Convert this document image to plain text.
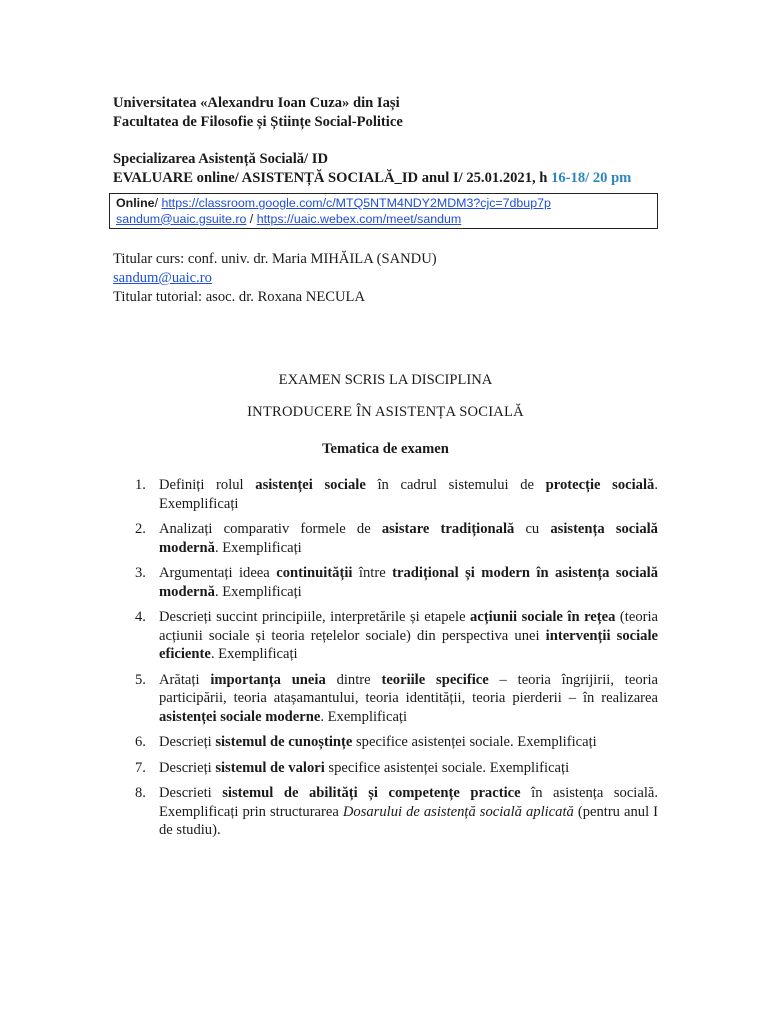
Universitatea «Alexandru Ioan Cuza» din Iași
Facultatea de Filosofie și Științe Social-Politice
Specializarea Asistență Socială/ ID
EVALUARE online/ ASISTENȚĂ SOCIALĂ_ID anul I/ 25.01.2021, h 16-18/ 20 pm
Online/ https://classroom.google.com/c/MTQ5NTM4NDY2MDM3?cjc=7dbup7p
sandum@uaic.gsuite.ro / https://uaic.webex.com/meet/sandum
Titular curs: conf. univ. dr. Maria MIHĂILA (SANDU)
sandum@uaic.ro
Titular tutorial: asoc. dr. Roxana NECULA
EXAMEN SCRIS LA DISCIPLINA
INTRODUCERE ÎN ASISTENȚA SOCIALĂ
Tematica de examen
1. Definiți rolul asistenței sociale în cadrul sistemului de protecție socială. Exemplificați
2. Analizați comparativ formele de asistare tradițională cu asistența socială modernă. Exemplificați
3. Argumentați ideea continuității între tradițional și modern în asistența socială modernă. Exemplificați
4. Descrieți succint principiile, interpretările și etapele acțiunii sociale în rețea (teoria acțiunii sociale și teoria rețelelor sociale) din perspectiva unei intervenții sociale eficiente. Exemplificați
5. Arătați importanța uneia dintre teoriile specifice – teoria îngrijirii, teoria participării, teoria atașamantului, teoria identității, teoria pierderii – în realizarea asistenței sociale moderne. Exemplificați
6. Descrieți sistemul de cunoștințe specifice asistenței sociale. Exemplificați
7. Descrieți sistemul de valori specifice asistenței sociale. Exemplificați
8. Descrieti sistemul de abilități și competențe practice în asistența socială. Exemplificați prin structurarea Dosarului de asistență socială aplicată (pentru anul I de studiu).
